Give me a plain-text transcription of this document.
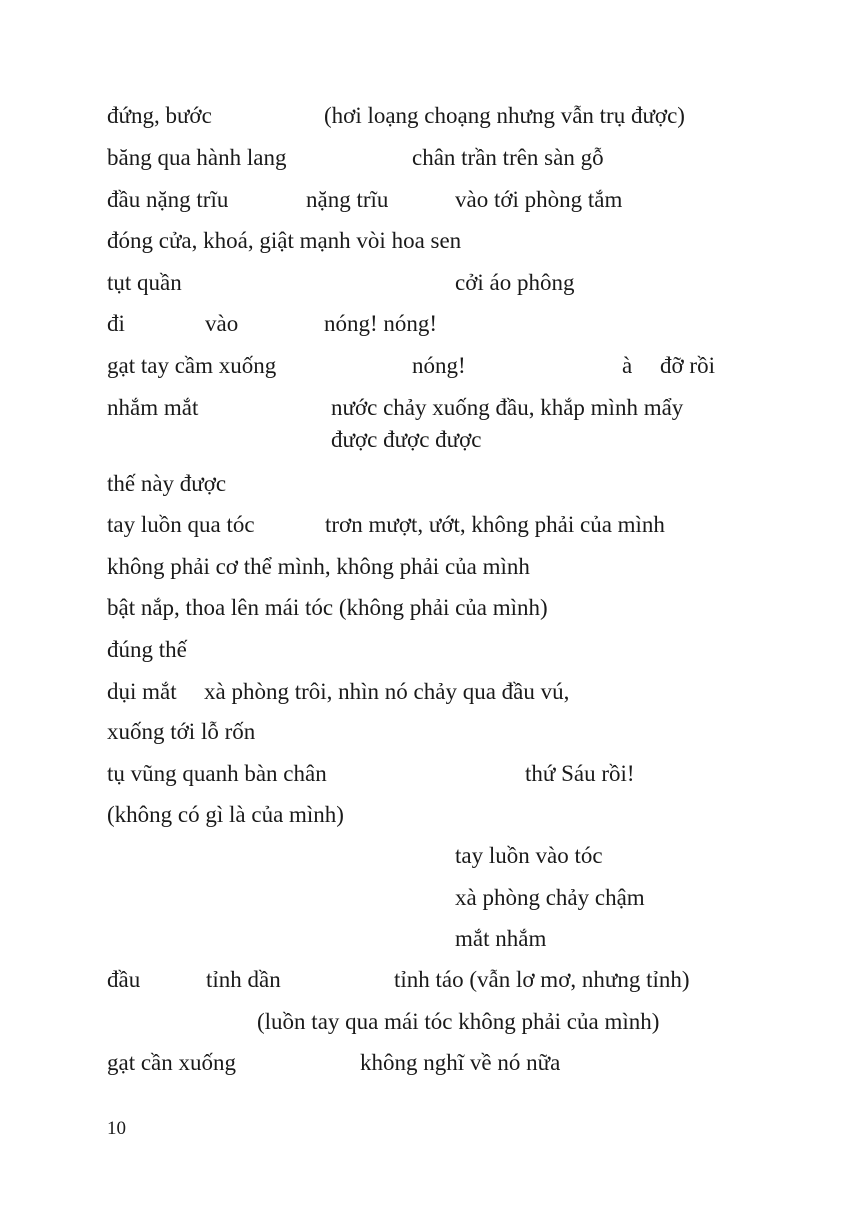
đứng, bước	(hơi loạng choạng nhưng vẫn trụ được)
băng qua hành lang	chân trần trên sàn gỗ
đầu nặng trĩu	nặng trĩu	vào tới phòng tắm
đóng cửa, khoá, giật mạnh vòi hoa sen
tụt quần	cởi áo phông
đi	vào	nóng! nóng!
gạt tay cầm xuống	nóng!	à đỡ rồi
nhắm mắt	nước chảy xuống đầu, khắp mình mẩy
được được được
thế này được
tay luồn qua tóc	trơn mượt, ướt, không phải của mình
không phải cơ thể mình, không phải của mình
bật nắp, thoa lên mái tóc (không phải của mình)
đúng thế
dụi mắt xà phòng trôi, nhìn nó chảy qua đầu vú,
xuống tới lỗ rốn
tụ vũng quanh bàn chân	thứ Sáu rồi!
(không có gì là của mình)
tay luồn vào tóc
xà phòng chảy chậm
mắt nhắm
đầu	tỉnh dần	tỉnh táo (vẫn lơ mơ, nhưng tỉnh)
(luồn tay qua mái tóc không phải của mình)
gạt cần xuống	không nghĩ về nó nữa
10
